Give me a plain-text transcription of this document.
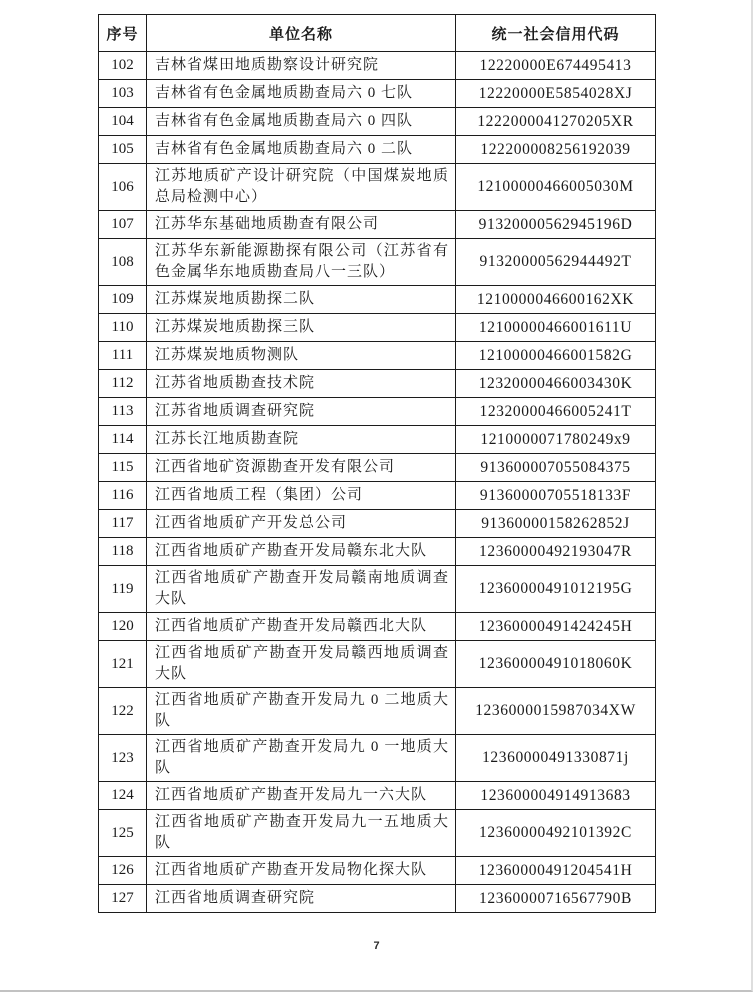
序号	单位名称	统一社会信用代码
102	吉林省煤田地质勘察设计研究院	12220000E674495413
103	吉林省有色金属地质勘查局六 0 七队	12220000E5854028XJ
104	吉林省有色金属地质勘查局六 0 四队	1222000041270205XR
105	吉林省有色金属地质勘查局六 0 二队	122200008256192039
106	江苏地质矿产设计研究院（中国煤炭地质总局检测中心）	12100000466005030M
107	江苏华东基础地质勘查有限公司	91320000562945196D
108	江苏华东新能源勘探有限公司（江苏省有色金属华东地质勘查局八一三队）	91320000562944492T
109	江苏煤炭地质勘探二队	1210000046600162XK
110	江苏煤炭地质勘探三队	12100000466001611U
111	江苏煤炭地质物测队	12100000466001582G
112	江苏省地质勘查技术院	12320000466003430K
113	江苏省地质调查研究院	12320000466005241T
114	江苏长江地质勘查院	1210000071780249x9
115	江西省地矿资源勘查开发有限公司	913600007055084375
116	江西省地质工程（集团）公司	91360000705518133F
117	江西省地质矿产开发总公司	91360000158262852J
118	江西省地质矿产勘查开发局赣东北大队	12360000492193047R
119	江西省地质矿产勘查开发局赣南地质调查大队	12360000491012195G
120	江西省地质矿产勘查开发局赣西北大队	12360000491424245H
121	江西省地质矿产勘查开发局赣西地质调查大队	12360000491018060K
122	江西省地质矿产勘查开发局九 0 二地质大队	1236000015987034XW
123	江西省地质矿产勘查开发局九 0 一地质大队	12360000491330871j
124	江西省地质矿产勘查开发局九一六大队	123600004914913683
125	江西省地质矿产勘查开发局九一五地质大队	12360000492101392C
126	江西省地质矿产勘查开发局物化探大队	12360000491204541H
127	江西省地质调查研究院	12360000716567790B
7
